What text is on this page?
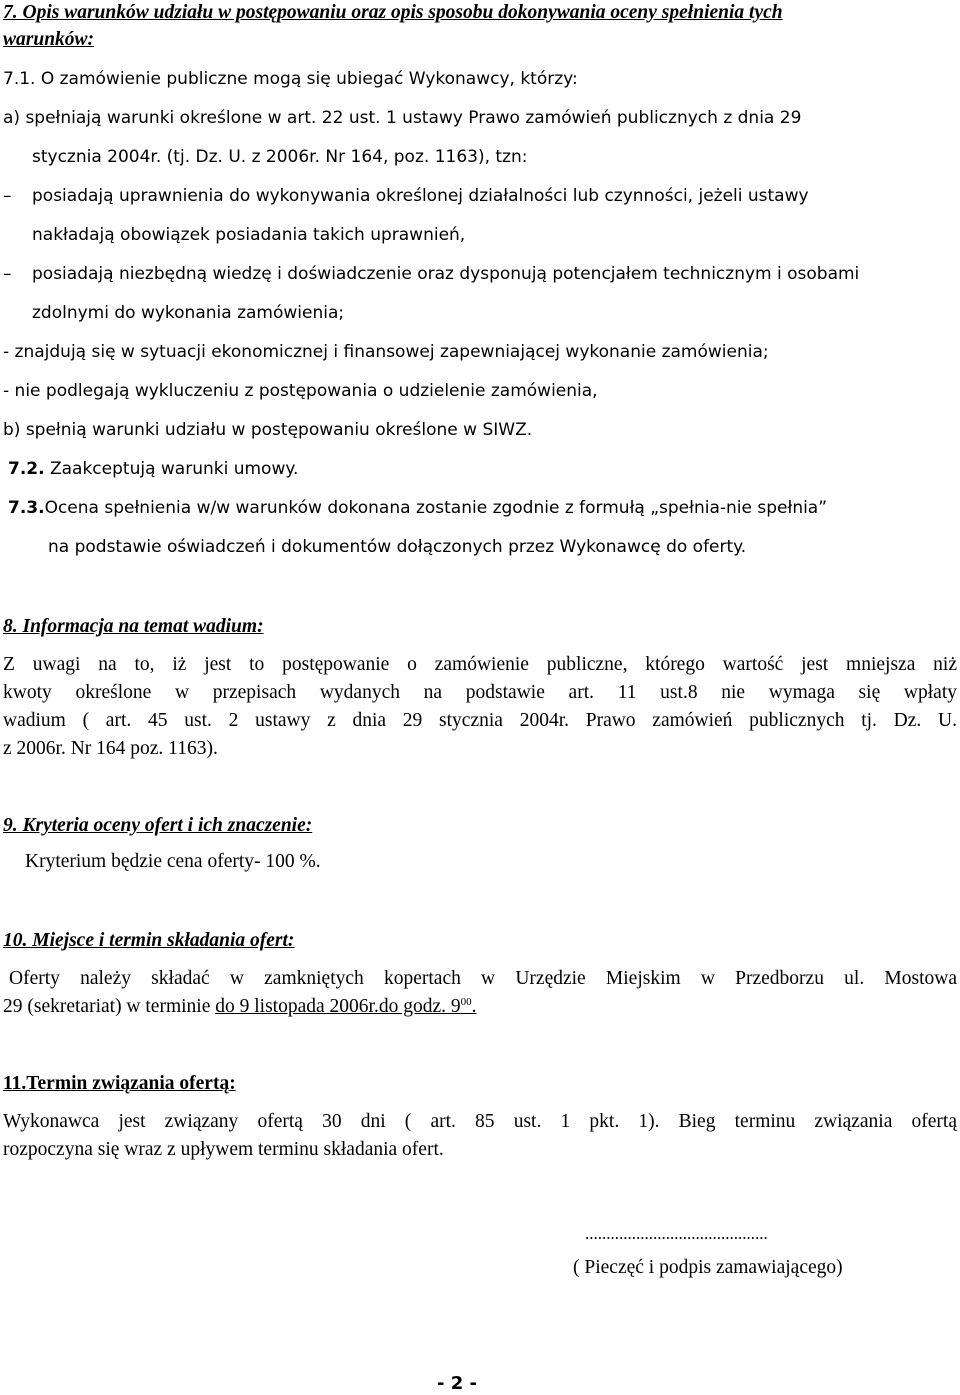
7. Opis warunków udziału w postępowaniu oraz opis sposobu dokonywania oceny spełnienia tych
warunków:
7.1. O zamówienie publiczne mogą się ubiegać Wykonawcy, którzy:
a) spełniają warunki określone w art. 22 ust. 1 ustawy Prawo zamówień publicznych z dnia 29
stycznia 2004r. (tj. Dz. U. z 2006r. Nr 164, poz. 1163), tzn:
– posiadają uprawnienia do wykonywania określonej działalności lub czynności, jeżeli ustawy
nakładają obowiązek posiadania takich uprawnień,
– posiadają niezbędną wiedzę i doświadczenie oraz dysponują potencjałem technicznym i osobami
zdolnymi do wykonania zamówienia;
- znajdują się w sytuacji ekonomicznej i finansowej zapewniającej wykonanie zamówienia;
- nie podlegają wykluczeniu z postępowania o udzielenie zamówienia,
b) spełnią warunki udziału w postępowaniu określone w SIWZ.
7.2. Zaakceptują warunki umowy.
7.3.Ocena spełnienia w/w warunków dokonana zostanie zgodnie z formułą „spełnia-nie spełnia”
na podstawie oświadczeń i dokumentów dołączonych przez Wykonawcę do oferty.
8. Informacja na temat wadium:
Z uwagi na to, iż jest to postępowanie o zamówienie publiczne, którego wartość jest mniejsza niż
kwoty określone w przepisach wydanych na podstawie art. 11 ust.8 nie wymaga się wpłaty
wadium ( art. 45 ust. 2 ustawy z dnia 29 stycznia 2004r. Prawo zamówień publicznych tj. Dz. U.
z 2006r. Nr 164 poz. 1163).
9. Kryteria oceny ofert i ich znaczenie:
Kryterium będzie cena oferty- 100 %.
10. Miejsce i termin składania ofert:
Oferty należy składać w zamkniętych kopertach w Urzędzie Miejskim w Przedborzu ul. Mostowa
29 (sekretariat) w terminie do 9 listopada 2006r.do godz. $9^{00}$.
11.Termin związania ofertą:
Wykonawca jest związany ofertą 30 dni ( art. 85 ust. 1 pkt. 1). Bieg terminu związania ofertą
rozpoczyna się wraz z upływem terminu składania ofert.
...........................................
( Pieczęć i podpis zamawiającego)
- 2 -
